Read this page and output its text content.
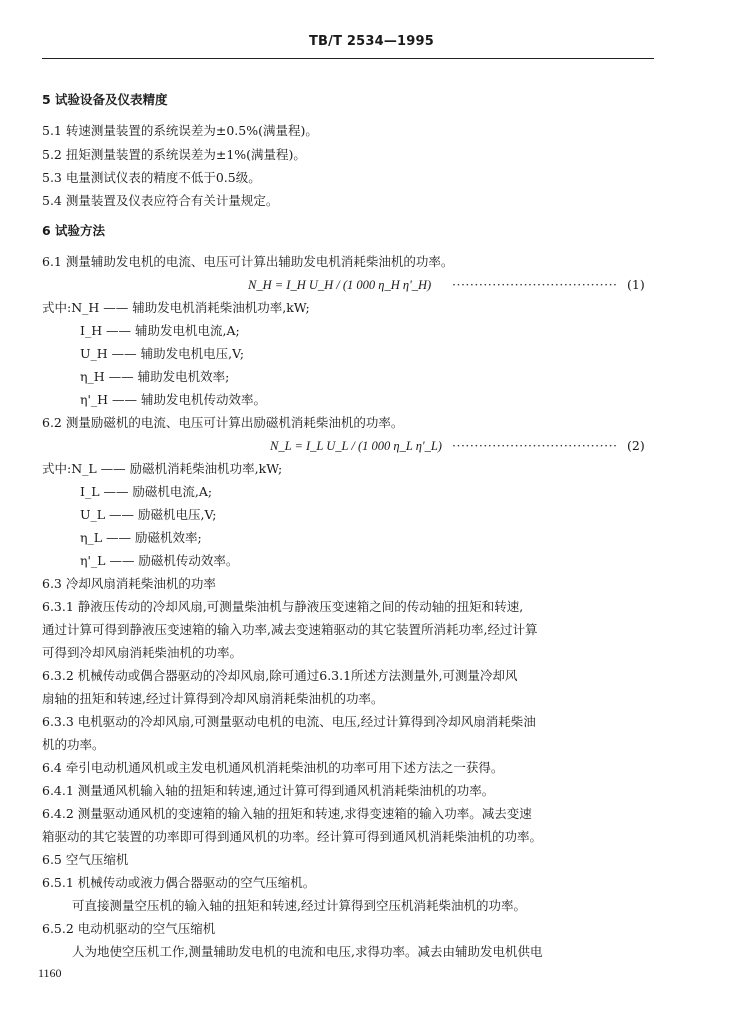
TB/T 2534—1995
5 试验设备及仪表精度
5.1 转速测量装置的系统误差为±0.5%(满量程)。
5.2 扭矩测量装置的系统误差为±1%(满量程)。
5.3 电量测试仪表的精度不低于0.5级。
5.4 测量装置及仪表应符合有关计量规定。
6 试验方法
6.1 测量辅助发电机的电流、电压可计算出辅助发电机消耗柴油机的功率。
N_H = I_H U_H / (1 000 η_H η'_H) ····································· (1)
式中:N_H —— 辅助发电机消耗柴油机功率,kW;
I_H —— 辅助发电机电流,A;
U_H —— 辅助发电机电压,V;
η_H —— 辅助发电机效率;
η'_H —— 辅助发电机传动效率。
6.2 测量励磁机的电流、电压可计算出励磁机消耗柴油机的功率。
N_L = I_L U_L / (1 000 η_L η'_L) ····································· (2)
式中:N_L —— 励磁机消耗柴油机功率,kW;
I_L —— 励磁机电流,A;
U_L —— 励磁机电压,V;
η_L —— 励磁机效率;
η'_L —— 励磁机传动效率。
6.3 冷却风扇消耗柴油机的功率
6.3.1 静液压传动的冷却风扇,可测量柴油机与静液压变速箱之间的传动轴的扭矩和转速,
通过计算可得到静液压变速箱的输入功率,减去变速箱驱动的其它装置所消耗功率,经过计算
可得到冷却风扇消耗柴油机的功率。
6.3.2 机械传动或偶合器驱动的冷却风扇,除可通过6.3.1所述方法测量外,可测量冷却风
扇轴的扭矩和转速,经过计算得到冷却风扇消耗柴油机的功率。
6.3.3 电机驱动的冷却风扇,可测量驱动电机的电流、电压,经过计算得到冷却风扇消耗柴油
机的功率。
6.4 牵引电动机通风机或主发电机通风机消耗柴油机的功率可用下述方法之一获得。
6.4.1 测量通风机输入轴的扭矩和转速,通过计算可得到通风机消耗柴油机的功率。
6.4.2 测量驱动通风机的变速箱的输入轴的扭矩和转速,求得变速箱的输入功率。减去变速
箱驱动的其它装置的功率即可得到通风机的功率。经计算可得到通风机消耗柴油机的功率。
6.5 空气压缩机
6.5.1 机械传动或液力偶合器驱动的空气压缩机。
可直接测量空压机的输入轴的扭矩和转速,经过计算得到空压机消耗柴油机的功率。
6.5.2 电动机驱动的空气压缩机
人为地使空压机工作,测量辅助发电机的电流和电压,求得功率。减去由辅助发电机供电
1160
